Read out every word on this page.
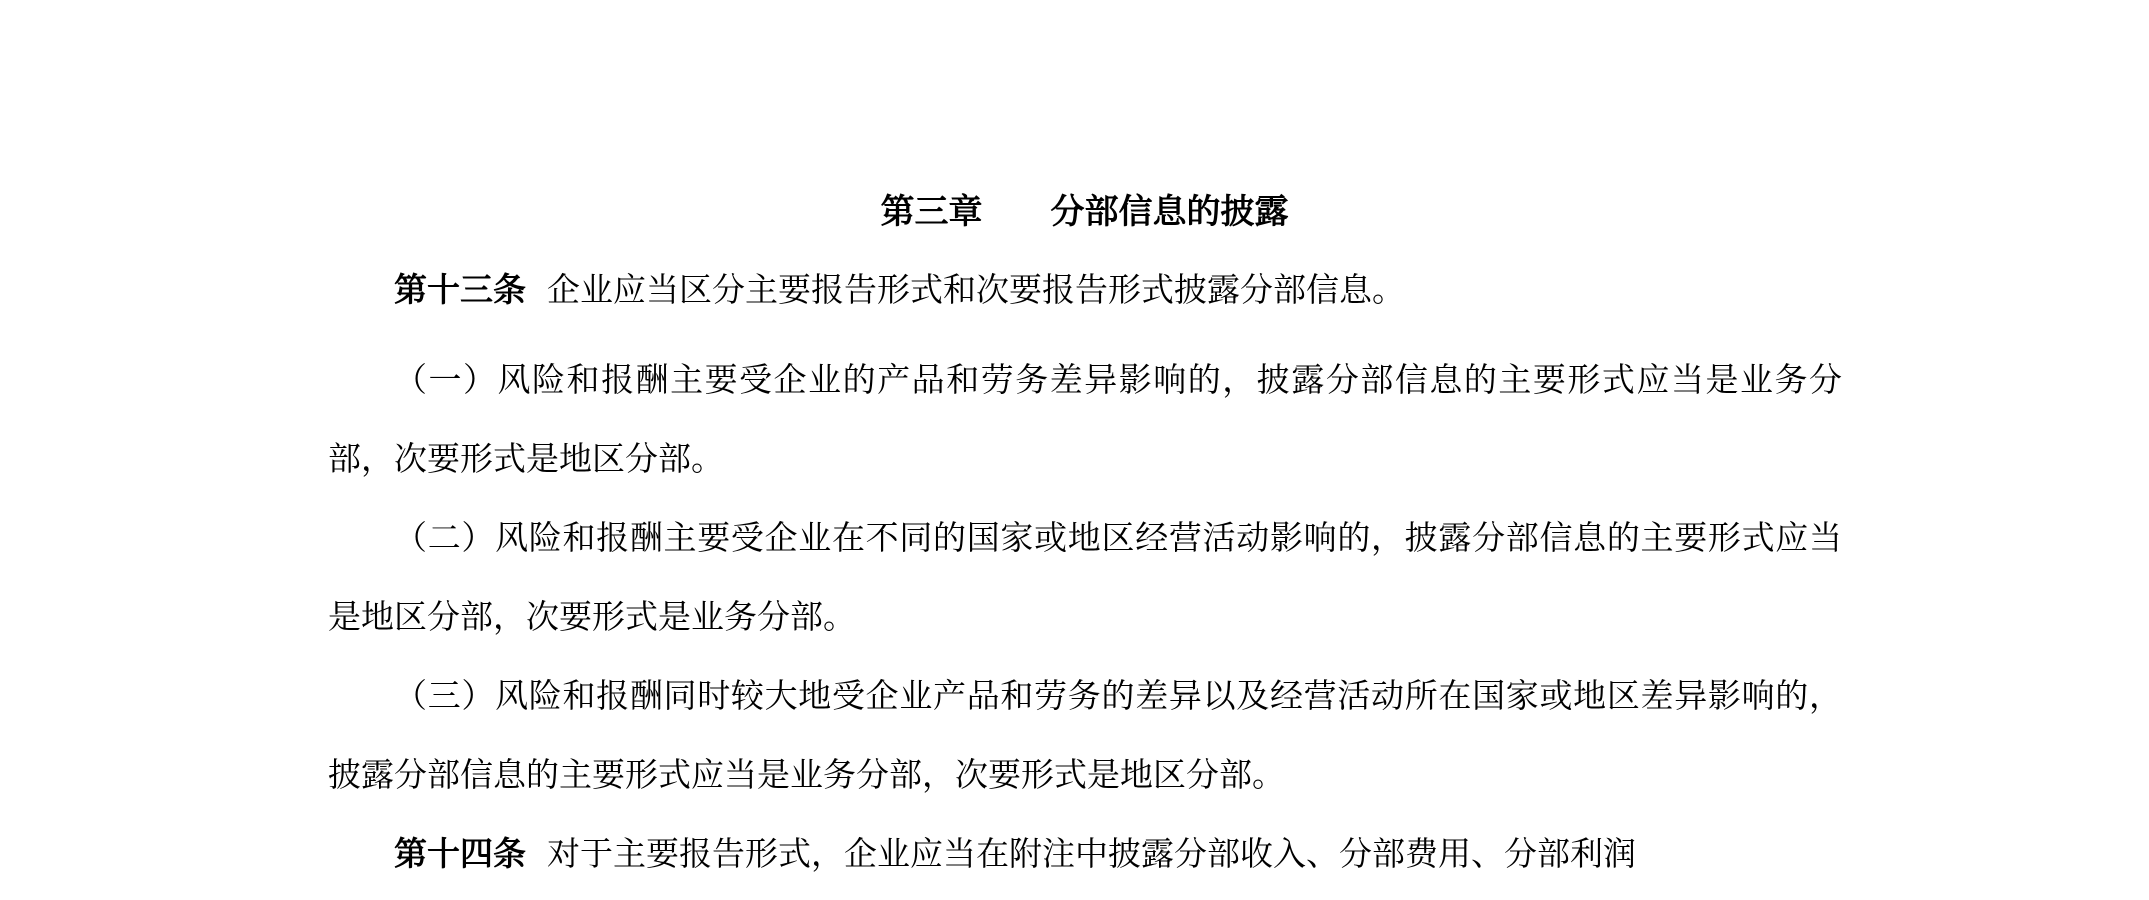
第三章　　分部信息的披露

第十三条 企业应当区分主要报告形式和次要报告形式披露分部信息。

（一）风险和报酬主要受企业的产品和劳务差异影响的，披露分部信息的主要形式应当是业务分部，次要形式是地区分部。

（二）风险和报酬主要受企业在不同的国家或地区经营活动影响的，披露分部信息的主要形式应当是地区分部，次要形式是业务分部。

（三）风险和报酬同时较大地受企业产品和劳务的差异以及经营活动所在国家或地区差异影响的，披露分部信息的主要形式应当是业务分部，次要形式是地区分部。

第十四条 对于主要报告形式，企业应当在附注中披露分部收入、分部费用、分部利润
